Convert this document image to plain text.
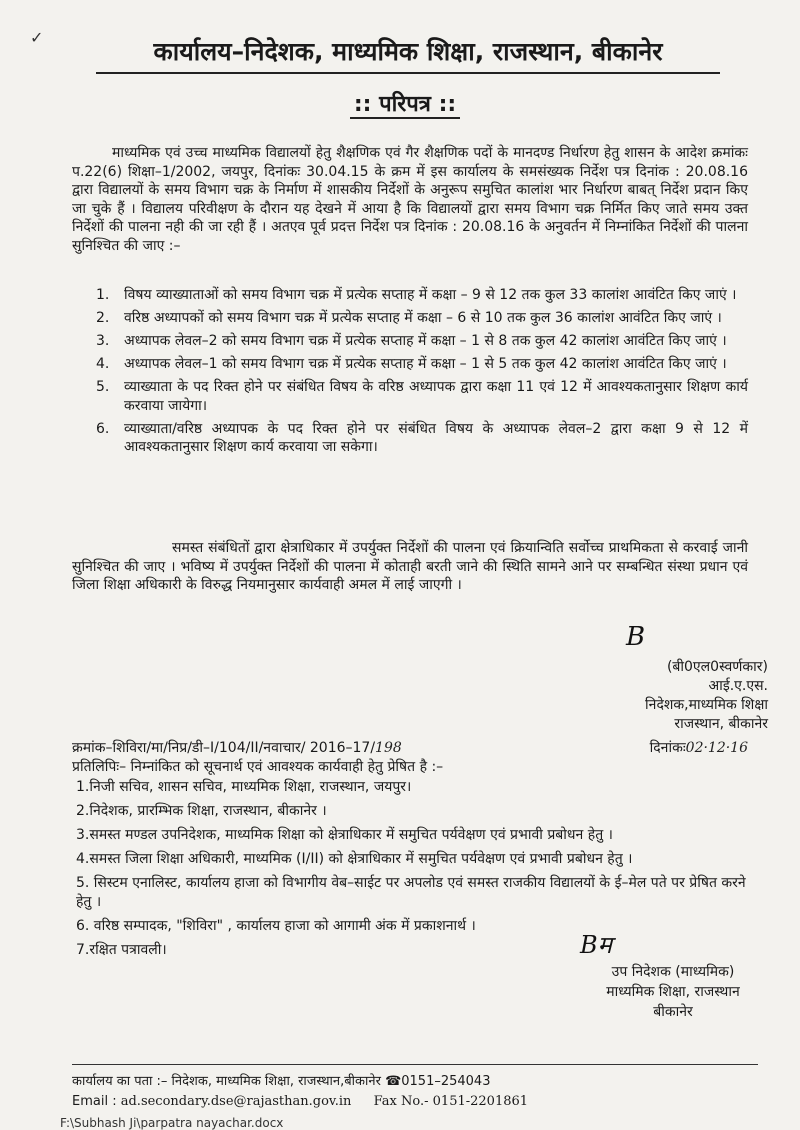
✓	कार्यालय–निदेशक, माध्यमिक शिक्षा, राजस्थान, बीकानेर
:: परिपत्र ::
माध्यमिक एवं उच्च माध्यमिक विद्यालयों हेतु शैक्षणिक एवं गैर शैक्षणिक पदों के मानदण्ड निर्धारण हेतु शासन के आदेश क्रमांकः प.22(6) शिक्षा–1/2002, जयपुर, दिनांकः 30.04.15 के क्रम में इस कार्यालय के समसंख्यक निर्देश पत्र दिनांक : 20.08.16 द्वारा विद्यालयों के समय विभाग चक्र के निर्माण में शासकीय निर्देशों के अनुरूप समुचित कालांश भार निर्धारण बाबत् निर्देश प्रदान किए जा चुके हैं । विद्यालय परिवीक्षण के दौरान यह देखने में आया है कि विद्यालयों द्वारा समय विभाग चक्र निर्मित किए जाते समय उक्त निर्देशों की पालना नही की जा रही हैं । अतएव पूर्व प्रदत्त निर्देश पत्र दिनांक : 20.08.16 के अनुवर्तन में निम्नांकित निर्देशों की पालना सुनिश्चित की जाए :–
1. विषय व्याख्याताओं को समय विभाग चक्र में प्रत्येक सप्ताह में कक्षा – 9 से 12 तक कुल 33 कालांश आवंटित किए जाएं ।
2. वरिष्ठ अध्यापकों को समय विभाग चक्र में प्रत्येक सप्ताह में कक्षा – 6 से 10 तक कुल 36 कालांश आवंटित किए जाएं ।
3. अध्यापक लेवल–2 को समय विभाग चक्र में प्रत्येक सप्ताह में कक्षा – 1 से 8 तक कुल 42 कालांश आवंटित किए जाएं ।
4. अध्यापक लेवल–1 को समय विभाग चक्र में प्रत्येक सप्ताह में कक्षा – 1 से 5 तक कुल 42 कालांश आवंटित किए जाएं ।
5. व्याख्याता के पद रिक्त होने पर संबंधित विषय के वरिष्ठ अध्यापक द्वारा कक्षा 11 एवं 12 में आवश्यकतानुसार शिक्षण कार्य करवाया जायेगा।
6. व्याख्याता/वरिष्ठ अध्यापक के पद रिक्त होने पर संबंधित विषय के अध्यापक लेवल–2 द्वारा कक्षा 9 से 12 में आवश्यकतानुसार शिक्षण कार्य करवाया जा सकेगा।
समस्त संबंधितों द्वारा क्षेत्राधिकार में उपर्युक्त निर्देशों की पालना एवं क्रियान्विति सर्वोच्च प्राथमिकता से करवाई जानी सुनिश्चित की जाए । भविष्य में उपर्युक्त निर्देशों की पालना में कोताही बरती जाने की स्थिति सामने आने पर सम्बन्धित संस्था प्रधान एवं जिला शिक्षा अधिकारी के विरुद्ध नियमानुसार कार्यवाही अमल में लाई जाएगी ।
B
(बी0एल0स्वर्णकार)
आई.ए.एस.
निदेशक,माध्यमिक शिक्षा
राजस्थान, बीकानेर
क्रमांक–शिविरा/मा/निप्र/डी–I/104/II/नवाचार/ 2016–17/198	दिनांकः02·12·16
प्रतिलिपिः– निम्नांकित को सूचनार्थ एवं आवश्यक कार्यवाही हेतु प्रेषित है :–
1.निजी सचिव, शासन सचिव, माध्यमिक शिक्षा, राजस्थान, जयपुर।
2.निदेशक, प्रारम्भिक शिक्षा, राजस्थान, बीकानेर ।
3.समस्त मण्डल उपनिदेशक, माध्यमिक शिक्षा को क्षेत्राधिकार में समुचित पर्यवेक्षण एवं प्रभावी प्रबोधन हेतु ।
4.समस्त जिला शिक्षा अधिकारी, माध्यमिक (I/II) को क्षेत्राधिकार में समुचित पर्यवेक्षण एवं प्रभावी प्रबोधन हेतु ।
5. सिस्टम एनालिस्ट, कार्यालय हाजा को विभागीय वेब–साईट पर अपलोड एवं समस्त राजकीय विद्यालयों के ई–मेल पते पर प्रेषित करने हेतु ।
6. वरिष्ठ सम्पादक, "शिविरा" , कार्यालय हाजा को आगामी अंक में प्रकाशनार्थ ।
7.रक्षित पत्रावली।	Bम
उप निदेशक (माध्यमिक)
माध्यमिक शिक्षा, राजस्थान
बीकानेर
कार्यालय का पता :– निदेशक, माध्यमिक शिक्षा, राजस्थान,बीकानेर ☎0151–254043
Email : ad.secondary.dse@rajasthan.gov.in Fax No.- 0151-2201861
F:\Subhash Ji\parpatra nayachar.docx
